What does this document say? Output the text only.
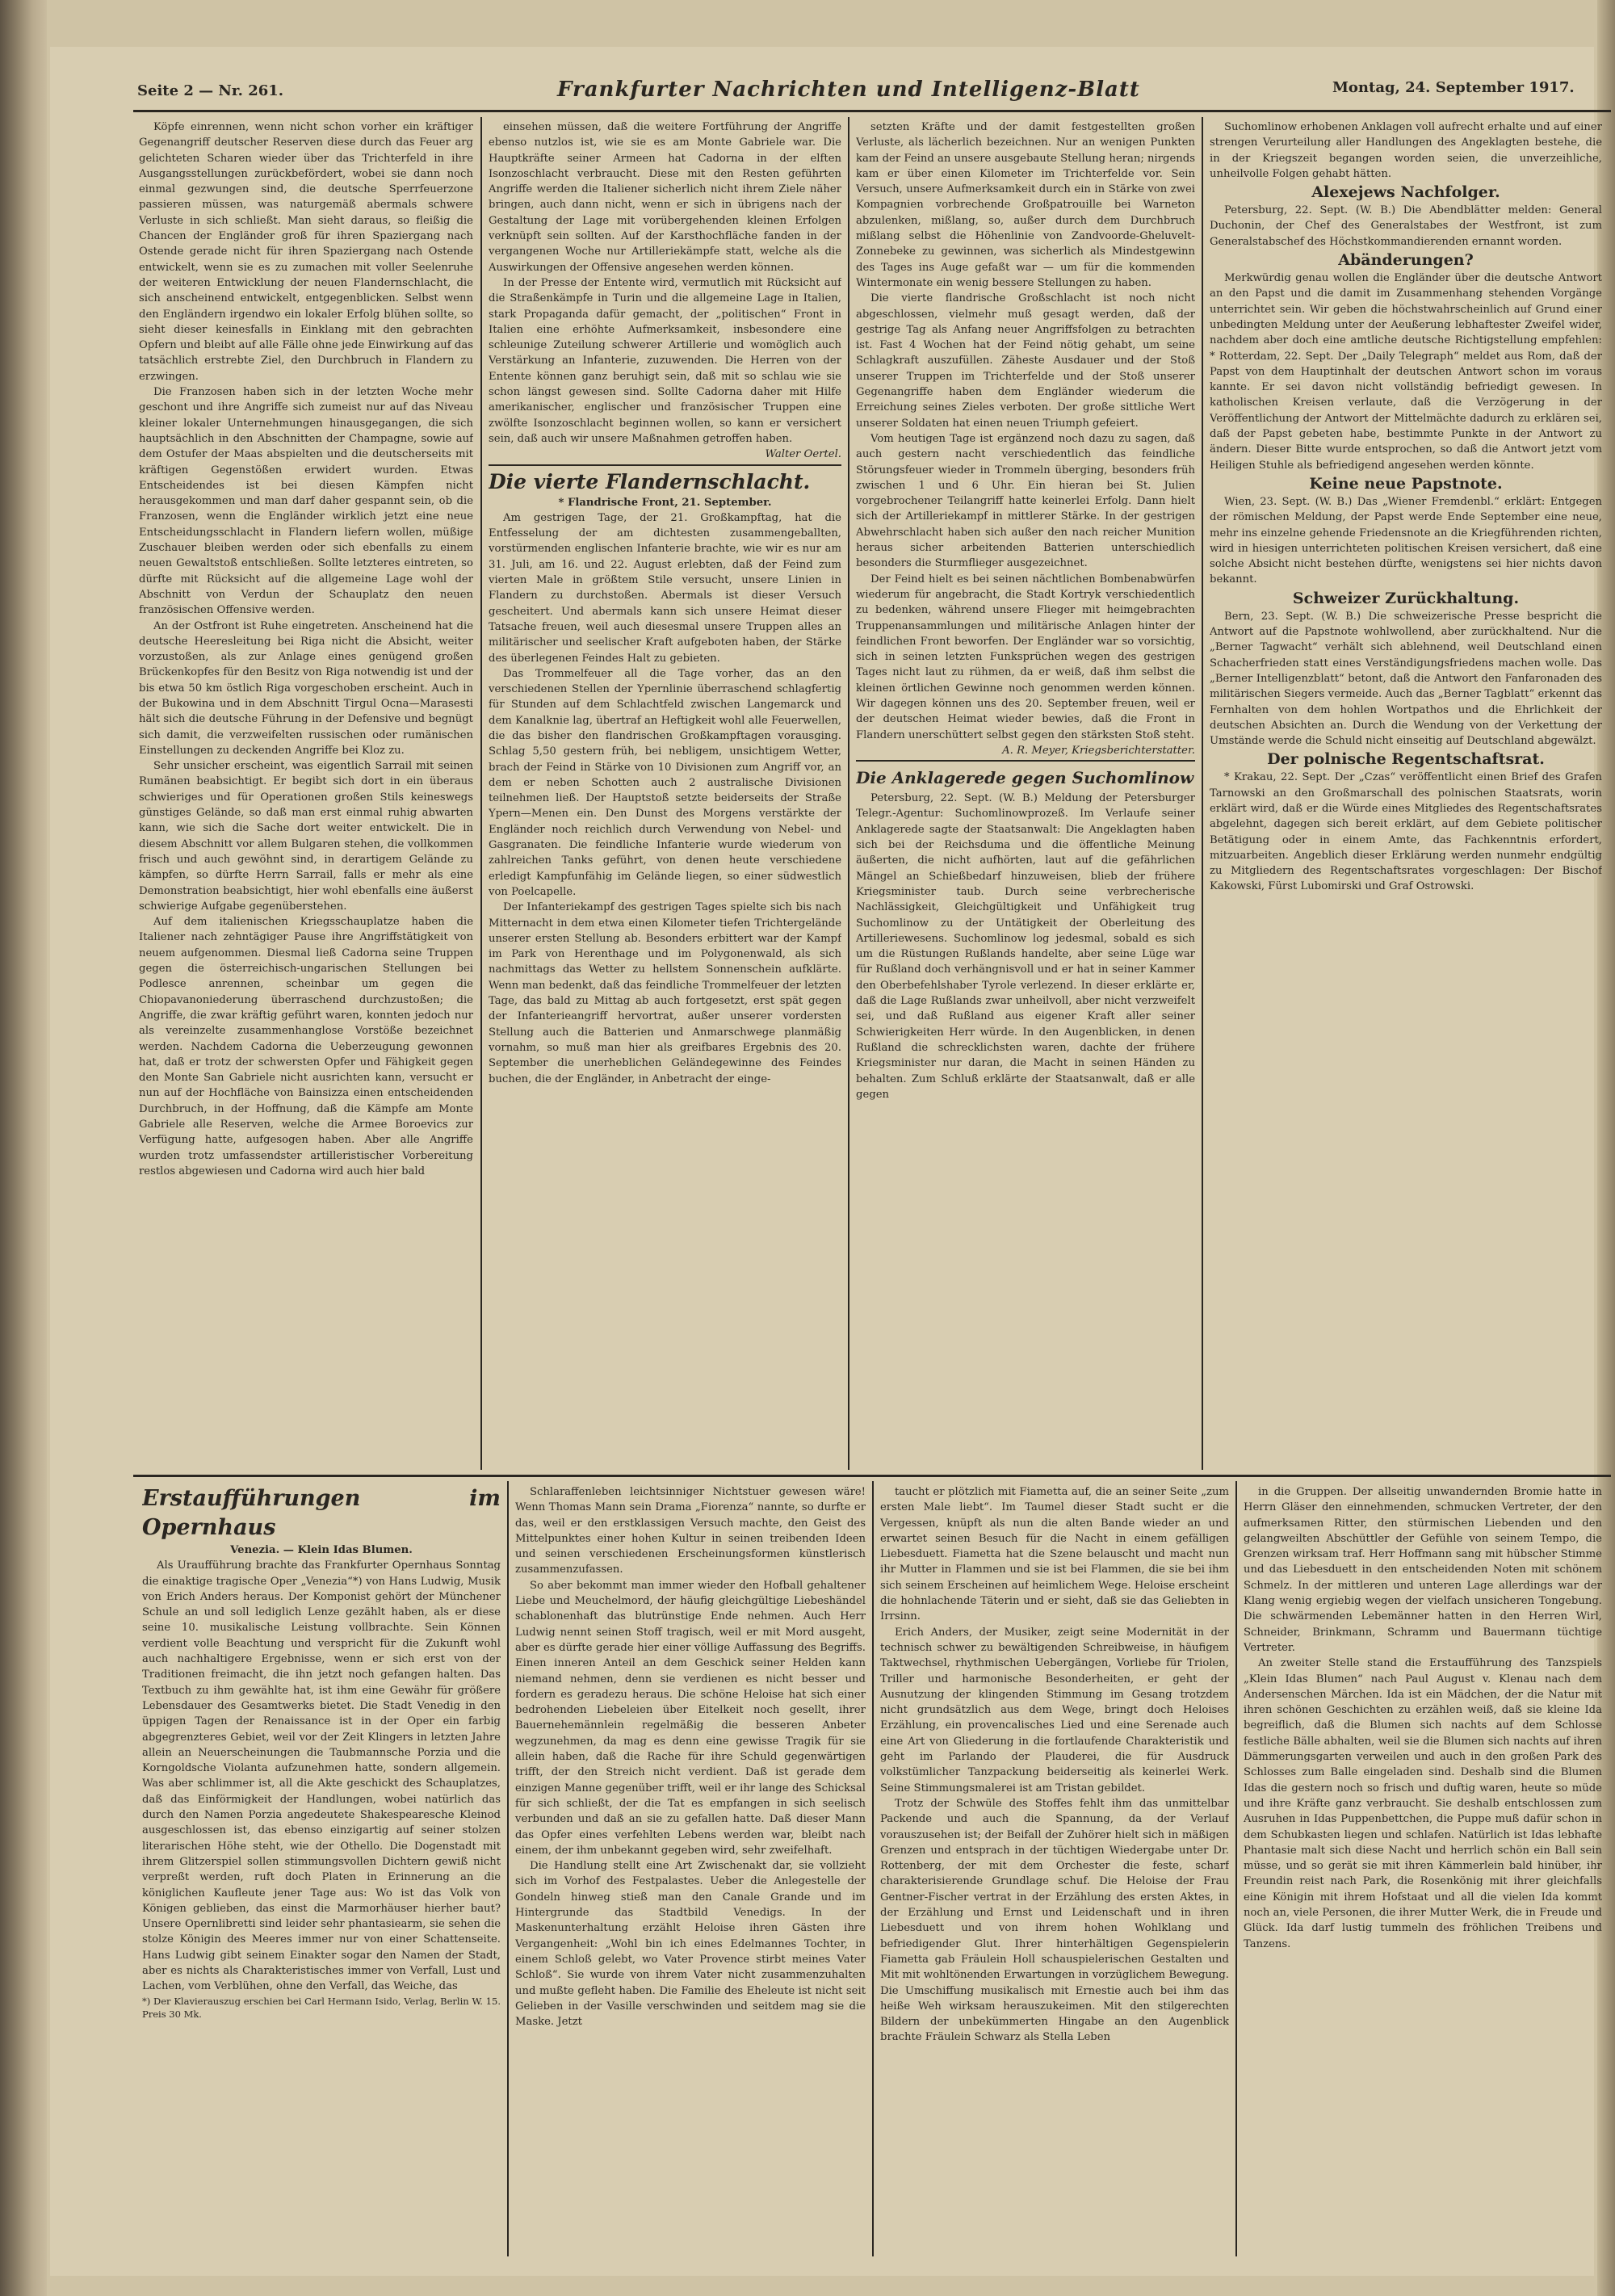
Seite 2 — Nr. 261.	Frankfurter Nachrichten und Intelligenz-Blatt	Montag, 24. September 1917.

Köpfe einrennen, wenn nicht schon vorher ein kräftiger Gegenangriff deutscher Reserven diese durch das Feuer arg gelichteten Scharen wieder über das Trichterfeld in ihre Ausgangsstellungen zurückbefördert, wobei sie dann noch einmal gezwungen sind, die deutsche Sperrfeuerzone passieren müssen, was naturgemäß abermals schwere Verluste in sich schließt. Man sieht daraus, so fleißig die Chancen der Engländer groß für ihren Spaziergang nach Ostende gerade nicht für ihren Spaziergang nach Ostende entwickelt, wenn sie es zu zumachen mit voller Seelenruhe der weiteren Entwicklung der neuen Flandernschlacht, die sich anscheinend entwickelt, entgegenblicken. Selbst wenn den Engländern irgendwo ein lokaler Erfolg blühen sollte, so sieht dieser keinesfalls in Einklang mit den gebrachten Opfern und bleibt auf alle Fälle ohne jede Einwirkung auf das tatsächlich erstrebte Ziel, den Durchbruch in Flandern zu erzwingen.

Die Franzosen haben sich in der letzten Woche mehr geschont und ihre Angriffe sich zumeist nur auf das Niveau kleiner lokaler Unternehmungen hinausgegangen, die sich hauptsächlich in den Abschnitten der Champagne, sowie auf dem Ostufer der Maas abspielten und die deutscherseits mit kräftigen Gegenstößen erwidert wurden. Etwas Entscheidendes ist bei diesen Kämpfen nicht herausgekommen und man darf daher gespannt sein, ob die Franzosen, wenn die Engländer wirklich jetzt eine neue Entscheidungsschlacht in Flandern liefern wollen, müßige Zuschauer bleiben werden oder sich ebenfalls zu einem neuen Gewaltstoß entschließen. Sollte letzteres eintreten, so dürfte mit Rücksicht auf die allgemeine Lage wohl der Abschnitt von Verdun der Schauplatz den neuen französischen Offensive werden.

An der Ostfront ist Ruhe eingetreten. Anscheinend hat die deutsche Heeresleitung bei Riga nicht die Absicht, weiter vorzustoßen, als zur Anlage eines genügend großen Brückenkopfes für den Besitz von Riga notwendig ist und der bis etwa 50 km östlich Riga vorgeschoben erscheint. Auch in der Bukowina und in dem Abschnitt Tirgul Ocna—Marasesti hält sich die deutsche Führung in der Defensive und begnügt sich damit, die verzweifelten russischen oder rumänischen Einstellungen zu deckenden Angriffe bei Kloz zu.

Sehr unsicher erscheint, was eigentlich Sarrail mit seinen Rumänen beabsichtigt. Er begibt sich dort in ein überaus schwieriges und für Operationen großen Stils keineswegs günstiges Gelände, so daß man erst einmal ruhig abwarten kann, wie sich die Sache dort weiter entwickelt. Die in diesem Abschnitt vor allem Bulgaren stehen, die vollkommen frisch und auch gewöhnt sind, in derartigem Gelände zu kämpfen, so dürfte Herrn Sarrail, falls er mehr als eine Demonstration beabsichtigt, hier wohl ebenfalls eine äußerst schwierige Aufgabe gegenüberstehen.

Auf dem italienischen Kriegsschauplatze haben die Italiener nach zehntägiger Pause ihre Angriffstätigkeit von neuem aufgenommen. Diesmal ließ Cadorna seine Truppen gegen die österreichisch-ungarischen Stellungen bei Podlesce anrennen, scheinbar um gegen die Chiopavanoniederung überraschend durchzustoßen; die Angriffe, die zwar kräftig geführt waren, konnten jedoch nur als vereinzelte zusammenhanglose Vorstöße bezeichnet werden. Nachdem Cadorna die Ueberzeugung gewonnen hat, daß er trotz der schwersten Opfer und Fähigkeit gegen den Monte San Gabriele nicht ausrichten kann, versucht er nun auf der Hochfläche von Bainsizza einen entscheidenden Durchbruch, in der Hoffnung, daß die Kämpfe am Monte Gabriele alle Reserven, welche die Armee Boroevics zur Verfügung hatte, aufgesogen haben. Aber alle Angriffe wurden trotz umfassendster artilleristischer Vorbereitung restlos abgewiesen und Cadorna wird auch hier bald

einsehen müssen, daß die weitere Fortführung der Angriffe ebenso nutzlos ist, wie sie es am Monte Gabriele war. Die Hauptkräfte seiner Armeen hat Cadorna in der elften Isonzoschlacht verbraucht. Diese mit den Resten geführten Angriffe werden die Italiener sicherlich nicht ihrem Ziele näher bringen, auch dann nicht, wenn er sich in übrigens nach der Gestaltung der Lage mit vorübergehenden kleinen Erfolgen verknüpft sein sollten. Auf der Karsthochfläche fanden in der vergangenen Woche nur Artilleriekämpfe statt, welche als die Auswirkungen der Offensive angesehen werden können.

In der Presse der Entente wird, vermutlich mit Rücksicht auf die Straßenkämpfe in Turin und die allgemeine Lage in Italien, stark Propaganda dafür gemacht, der „politischen“ Front in Italien eine erhöhte Aufmerksamkeit, insbesondere eine schleunige Zuteilung schwerer Artillerie und womöglich auch Verstärkung an Infanterie, zuzuwenden. Die Herren von der Entente können ganz beruhigt sein, daß mit so schlau wie sie schon längst gewesen sind. Sollte Cadorna daher mit Hilfe amerikanischer, englischer und französischer Truppen eine zwölfte Isonzoschlacht beginnen wollen, so kann er versichert sein, daß auch wir unsere Maßnahmen getroffen haben.

Walter Oertel.

Die vierte Flandernschlacht.

* Flandrische Front, 21. September.

Am gestrigen Tage, der 21. Großkampftag, hat die Entfesselung der am dichtesten zusammengeballten, vorstürmenden englischen Infanterie brachte, wie wir es nur am 31. Juli, am 16. und 22. August erlebten, daß der Feind zum vierten Male in größtem Stile versucht, unsere Linien in Flandern zu durchstoßen. Abermals ist dieser Versuch gescheitert. Und abermals kann sich unsere Heimat dieser Tatsache freuen, weil auch diesesmal unsere Truppen alles an militärischer und seelischer Kraft aufgeboten haben, der Stärke des überlegenen Feindes Halt zu gebieten.

Das Trommelfeuer all die Tage vorher, das an den verschiedenen Stellen der Ypernlinie überraschend schlagfertig für Stunden auf dem Schlachtfeld zwischen Langemarck und dem Kanalknie lag, übertraf an Heftigkeit wohl alle Feuerwellen, die das bisher den flandrischen Großkampftagen vorausging. Schlag 5,50 gestern früh, bei nebligem, unsichtigem Wetter, brach der Feind in Stärke von 10 Divisionen zum Angriff vor, an dem er neben Schotten auch 2 australische Divisionen teilnehmen ließ. Der Hauptstoß setzte beiderseits der Straße Ypern—Menen ein. Den Dunst des Morgens verstärkte der Engländer noch reichlich durch Verwendung von Nebel- und Gasgranaten. Die feindliche Infanterie wurde wiederum von zahlreichen Tanks geführt, von denen heute verschiedene erledigt Kampfunfähig im Gelände liegen, so einer südwestlich von Poelcapelle.

Der Infanteriekampf des gestrigen Tages spielte sich bis nach Mitternacht in dem etwa einen Kilometer tiefen Trichtergelände unserer ersten Stellung ab. Besonders erbittert war der Kampf im Park von Herenthage und im Polygonenwald, als sich nachmittags das Wetter zu hellstem Sonnenschein aufklärte. Wenn man bedenkt, daß das feindliche Trommelfeuer der letzten Tage, das bald zu Mittag ab auch fortgesetzt, erst spät gegen der Infanterieangriff hervortrat, außer unserer vordersten Stellung auch die Batterien und Anmarschwege planmäßig vornahm, so muß man hier als greifbares Ergebnis des 20. September die unerheblichen Geländegewinne des Feindes buchen, die der Engländer, in Anbetracht der einge-

setzten Kräfte und der damit festgestellten großen Verluste, als lächerlich bezeichnen. Nur an wenigen Punkten kam der Feind an unsere ausgebaute Stellung heran; nirgends kam er über einen Kilometer im Trichterfelde vor. Sein Versuch, unsere Aufmerksamkeit durch ein in Stärke von zwei Kompagnien vorbrechende Großpatrouille bei Warneton abzulenken, mißlang, so, außer durch dem Durchbruch mißlang selbst die Höhenlinie von Zandvoorde-Gheluvelt-Zonnebeke zu gewinnen, was sicherlich als Mindestgewinn des Tages ins Auge gefaßt war — um für die kommenden Wintermonate ein wenig bessere Stellungen zu haben.

Die vierte flandrische Großschlacht ist noch nicht abgeschlossen, vielmehr muß gesagt werden, daß der gestrige Tag als Anfang neuer Angriffsfolgen zu betrachten ist. Fast 4 Wochen hat der Feind nötig gehabt, um seine Schlagkraft auszufüllen. Zäheste Ausdauer und der Stoß unserer Truppen im Trichterfelde und der Stoß unserer Gegenangriffe haben dem Engländer wiederum die Erreichung seines Zieles verboten. Der große sittliche Wert unserer Soldaten hat einen neuen Triumph gefeiert.

Vom heutigen Tage ist ergänzend noch dazu zu sagen, daß auch gestern nacht verschiedentlich das feindliche Störungsfeuer wieder in Trommeln überging, besonders früh zwischen 1 und 6 Uhr. Ein hieran bei St. Julien vorgebrochener Teilangriff hatte keinerlei Erfolg. Dann hielt sich der Artilleriekampf in mittlerer Stärke. In der gestrigen Abwehrschlacht haben sich außer den nach reicher Munition heraus sicher arbeitenden Batterien unterschiedlich besonders die Sturmflieger ausgezeichnet.

Der Feind hielt es bei seinen nächtlichen Bombenabwürfen wiederum für angebracht, die Stadt Kortryk verschiedentlich zu bedenken, während unsere Flieger mit heimgebrachten Truppenansammlungen und militärische Anlagen hinter der feindlichen Front beworfen. Der Engländer war so vorsichtig, sich in seinen letzten Funksprüchen wegen des gestrigen Tages nicht laut zu rühmen, da er weiß, daß ihm selbst die kleinen örtlichen Gewinne noch genommen werden können. Wir dagegen können uns des 20. September freuen, weil er der deutschen Heimat wieder bewies, daß die Front in Flandern unerschüttert selbst gegen den stärksten Stoß steht.

A. R. Meyer, Kriegsberichterstatter.

Die Anklagerede gegen Suchomlinow

Petersburg, 22. Sept. (W. B.) Meldung der Petersburger Telegr.-Agentur: Suchomlinowprozeß. Im Verlaufe seiner Anklagerede sagte der Staatsanwalt: Die Angeklagten haben sich bei der Reichsduma und die öffentliche Meinung äußerten, die nicht aufhörten, laut auf die gefährlichen Mängel an Schießbedarf hinzuweisen, blieb der frühere Kriegsminister taub. Durch seine verbrecherische Nachlässigkeit, Gleichgültigkeit und Unfähigkeit trug Suchomlinow zu der Untätigkeit der Oberleitung des Artilleriewesens. Suchomlinow log jedesmal, sobald es sich um die Rüstungen Rußlands handelte, aber seine Lüge war für Rußland doch verhängnisvoll und er hat in seiner Kammer den Oberbefehlshaber Tyrole verlezend. In dieser erklärte er, daß die Lage Rußlands zwar unheilvoll, aber nicht verzweifelt sei, und daß Rußland aus eigener Kraft aller seiner Schwierigkeiten Herr würde. In den Augenblicken, in denen Rußland die schrecklichsten waren, dachte der frühere Kriegsminister nur daran, die Macht in seinen Händen zu behalten. Zum Schluß erklärte der Staatsanwalt, daß er alle gegen

Suchomlinow erhobenen Anklagen voll aufrecht erhalte und auf einer strengen Verurteilung aller Handlungen des Angeklagten bestehe, die in der Kriegszeit begangen worden seien, die unverzeihliche, unheilvolle Folgen gehabt hätten.

Alexejews Nachfolger.

Petersburg, 22. Sept. (W. B.) Die Abendblätter melden: General Duchonin, der Chef des Generalstabes der Westfront, ist zum Generalstabschef des Höchstkommandierenden ernannt worden.

Abänderungen?

Merkwürdig genau wollen die Engländer über die deutsche Antwort an den Papst und die damit im Zusammenhang stehenden Vorgänge unterrichtet sein. Wir geben die höchstwahrscheinlich auf Grund einer unbedingten Meldung unter der Aeußerung lebhaftester Zweifel wider, nachdem aber doch eine amtliche deutsche Richtigstellung empfehlen: * Rotterdam, 22. Sept. Der „Daily Telegraph“ meldet aus Rom, daß der Papst von dem Hauptinhalt der deutschen Antwort schon im voraus kannte. Er sei davon nicht vollständig befriedigt gewesen. In katholischen Kreisen verlaute, daß die Verzögerung in der Veröffentlichung der Antwort der Mittelmächte dadurch zu erklären sei, daß der Papst gebeten habe, bestimmte Punkte in der Antwort zu ändern. Dieser Bitte wurde entsprochen, so daß die Antwort jetzt vom Heiligen Stuhle als befriedigend angesehen werden könnte.

Keine neue Papstnote.

Wien, 23. Sept. (W. B.) Das „Wiener Fremdenbl.“ erklärt: Entgegen der römischen Meldung, der Papst werde Ende September eine neue, mehr ins einzelne gehende Friedensnote an die Kriegführenden richten, wird in hiesigen unterrichteten politischen Kreisen versichert, daß eine solche Absicht nicht bestehen dürfte, wenigstens sei hier nichts davon bekannt.

Schweizer Zurückhaltung.

Bern, 23. Sept. (W. B.) Die schweizerische Presse bespricht die Antwort auf die Papstnote wohlwollend, aber zurückhaltend. Nur die „Berner Tagwacht“ verhält sich ablehnend, weil Deutschland einen Schacherfrieden statt eines Verständigungsfriedens machen wolle. Das „Berner Intelligenzblatt“ betont, daß die Antwort den Fanfaronaden des militärischen Siegers vermeide. Auch das „Berner Tagblatt“ erkennt das Fernhalten von dem hohlen Wortpathos und die Ehrlichkeit der deutschen Absichten an. Durch die Wendung von der Verkettung der Umstände werde die Schuld nicht einseitig auf Deutschland abgewälzt.

Der polnische Regentschaftsrat.

* Krakau, 22. Sept. Der „Czas“ veröffentlicht einen Brief des Grafen Tarnowski an den Großmarschall des polnischen Staatsrats, worin erklärt wird, daß er die Würde eines Mitgliedes des Regentschaftsrates abgelehnt, dagegen sich bereit erklärt, auf dem Gebiete politischer Betätigung oder in einem Amte, das Fachkenntnis erfordert, mitzuarbeiten. Angeblich dieser Erklärung werden nunmehr endgültig zu Mitgliedern des Regentschaftsrates vorgeschlagen: Der Bischof Kakowski, Fürst Lubomirski und Graf Ostrowski.

Erstaufführungen im Opernhaus

Venezia. — Klein Idas Blumen.

Als Uraufführung brachte das Frankfurter Opernhaus Sonntag die einaktige tragische Oper „Venezia“*) von Hans Ludwig, Musik von Erich Anders heraus. Der Komponist gehört der Münchener Schule an und soll lediglich Lenze gezählt haben, als er diese seine 10. musikalische Leistung vollbrachte. Sein Können verdient volle Beachtung und verspricht für die Zukunft wohl auch nachhaltigere Ergebnisse, wenn er sich erst von der Traditionen freimacht, die ihn jetzt noch gefangen halten. Das Textbuch zu ihm gewählte hat, ist ihm eine Gewähr für größere Lebensdauer des Gesamtwerks bietet. Die Stadt Venedig in den üppigen Tagen der Renaissance ist in der Oper ein farbig abgegrenzteres Gebiet, weil vor der Zeit Klingers in letzten Jahre allein an Neuerscheinungen die Taubmannsche Porzia und die Korngoldsche Violanta aufzunehmen hatte, sondern allgemein. Was aber schlimmer ist, all die Akte geschickt des Schauplatzes, daß das Einförmigkeit der Handlungen, wobei natürlich das durch den Namen Porzia angedeutete Shakespearesche Kleinod ausgeschlossen ist, das ebenso einzigartig auf seiner stolzen literarischen Höhe steht, wie der Othello. Die Dogenstadt mit ihrem Glitzerspiel sollen stimmungsvollen Dichtern gewiß nicht verpreßt werden, ruft doch Platen in Erinnerung an die königlichen Kaufleute jener Tage aus: Wo ist das Volk von Königen geblieben, das einst die Marmorhäuser hierher baut? Unsere Opernlibretti sind leider sehr phantasiearm, sie sehen die stolze Königin des Meeres immer nur von einer Schattenseite. Hans Ludwig gibt seinem Einakter sogar den Namen der Stadt, aber es nichts als Charakteristisches immer von Verfall, Lust und Lachen, vom Verblühen, ohne den Verfall, das Weiche, das

*) Der Klavierauszug erschien bei Carl Hermann Isido, Verlag, Berlin W. 15. Preis 30 Mk.

Schlaraffenleben leichtsinniger Nichtstuer gewesen wäre! Wenn Thomas Mann sein Drama „Fiorenza“ nannte, so durfte er das, weil er den erstklassigen Versuch machte, den Geist des Mittelpunktes einer hohen Kultur in seinen treibenden Ideen und seinen verschiedenen Erscheinungsformen künstlerisch zusammenzufassen.

So aber bekommt man immer wieder den Hofball gehaltener Liebe und Meuchelmord, der häufig gleichgültige Liebeshändel schablonenhaft das blutrünstige Ende nehmen. Auch Herr Ludwig nennt seinen Stoff tragisch, weil er mit Mord ausgeht, aber es dürfte gerade hier einer völlige Auffassung des Begriffs. Einen inneren Anteil an dem Geschick seiner Helden kann niemand nehmen, denn sie verdienen es nicht besser und fordern es geradezu heraus. Die schöne Heloise hat sich einer bedrohenden Liebeleien über Eitelkeit noch gesellt, ihrer Bauernehemännlein regelmäßig die besseren Anbeter wegzunehmen, da mag es denn eine gewisse Tragik für sie allein haben, daß die Rache für ihre Schuld gegenwärtigen trifft, der den Streich nicht verdient. Daß ist gerade dem einzigen Manne gegenüber trifft, weil er ihr lange des Schicksal für sich schließt, der die Tat es empfangen in sich seelisch verbunden und daß an sie zu gefallen hatte. Daß dieser Mann das Opfer eines verfehlten Lebens werden war, bleibt nach einem, der ihm unbekannt gegeben wird, sehr zweifelhaft.

Die Handlung stellt eine Art Zwischenakt dar, sie vollzieht sich im Vorhof des Festpalastes. Ueber die Anlegestelle der Gondeln hinweg stieß man den Canale Grande und im Hintergrunde das Stadtbild Venedigs. In der Maskenunterhaltung erzählt Heloise ihren Gästen ihre Vergangenheit: „Wohl bin ich eines Edelmannes Tochter, in einem Schloß gelebt, wo Vater Provence stirbt meines Vater Schloß“. Sie wurde von ihrem Vater nicht zusammenzuhalten und mußte gefleht haben. Die Familie des Eheleute ist nicht seit Gelieben in der Vasille verschwinden und seitdem mag sie die Maske. Jetzt

taucht er plötzlich mit Fiametta auf, die an seiner Seite „zum ersten Male liebt“. Im Taumel dieser Stadt sucht er die Vergessen, knüpft als nun die alten Bande wieder an und erwartet seinen Besuch für die Nacht in einem gefälligen Liebesduett. Fiametta hat die Szene belauscht und macht nun ihr Mutter in Flammen und sie ist bei Flammen, die sie bei ihm sich seinem Erscheinen auf heimlichem Wege. Heloise erscheint die hohnlachende Täterin und er sieht, daß sie das Geliebten in Irrsinn.

Erich Anders, der Musiker, zeigt seine Modernität in der technisch schwer zu bewältigenden Schreibweise, in häufigem Taktwechsel, rhythmischen Uebergängen, Vorliebe für Triolen, Triller und harmonische Besonderheiten, er geht der Ausnutzung der klingenden Stimmung im Gesang trotzdem nicht grundsätzlich aus dem Wege, bringt doch Heloises Erzählung, ein provencalisches Lied und eine Serenade auch eine Art von Gliederung in die fortlaufende Charakteristik und geht im Parlando der Plauderei, die für Ausdruck volkstümlicher Tanzpackung beiderseitig als keinerlei Werk. Seine Stimmungsmalerei ist am Tristan gebildet.

Trotz der Schwüle des Stoffes fehlt ihm das unmittelbar Packende und auch die Spannung, da der Verlauf vorauszusehen ist; der Beifall der Zuhörer hielt sich in mäßigen Grenzen und entsprach in der tüchtigen Wiedergabe unter Dr. Rottenberg, der mit dem Orchester die feste, scharf charakterisierende Grundlage schuf. Die Heloise der Frau Gentner-Fischer vertrat in der Erzählung des ersten Aktes, in der Erzählung und Ernst und Leidenschaft und in ihren Liebesduett und von ihrem hohen Wohlklang und befriedigender Glut. Ihrer hinterhältigen Gegenspielerin Fiametta gab Fräulein Holl schauspielerischen Gestalten und Mit mit wohltönenden Erwartungen in vorzüglichem Bewegung. Die Umschiffung musikalisch mit Ernestie auch bei ihm das heiße Weh wirksam herauszukeimen. Mit den stilgerechten Bildern der unbekümmerten Hingabe an den Augenblick brachte Fräulein Schwarz als Stella Leben

in die Gruppen. Der allseitig unwandernden Bromie hatte in Herrn Gläser den einnehmenden, schmucken Vertreter, der den aufmerksamen Ritter, den stürmischen Liebenden und den gelangweilten Abschüttler der Gefühle von seinem Tempo, die Grenzen wirksam traf. Herr Hoffmann sang mit hübscher Stimme und das Liebesduett in den entscheidenden Noten mit schönem Schmelz. In der mittleren und unteren Lage allerdings war der Klang wenig ergiebig wegen der vielfach unsicheren Tongebung. Die schwärmenden Lebemänner hatten in den Herren Wirl, Schneider, Brinkmann, Schramm und Bauermann tüchtige Vertreter.

An zweiter Stelle stand die Erstaufführung des Tanzspiels „Klein Idas Blumen“ nach Paul August v. Klenau nach dem Andersenschen Märchen. Ida ist ein Mädchen, der die Natur mit ihren schönen Geschichten zu erzählen weiß, daß sie kleine Ida begreiflich, daß die Blumen sich nachts auf dem Schlosse festliche Bälle abhalten, weil sie die Blumen sich nachts auf ihren Dämmerungsgarten verweilen und auch in den großen Park des Schlosses zum Balle eingeladen sind. Deshalb sind die Blumen Idas die gestern noch so frisch und duftig waren, heute so müde und ihre Kräfte ganz verbraucht. Sie deshalb entschlossen zum Ausruhen in Idas Puppenbettchen, die Puppe muß dafür schon in dem Schubkasten liegen und schlafen. Natürlich ist Idas lebhafte Phantasie malt sich diese Nacht und herrlich schön ein Ball sein müsse, und so gerät sie mit ihren Kämmerlein bald hinüber, ihr Freundin reist nach Park, die Rosenkönig mit ihrer gleichfalls eine Königin mit ihrem Hofstaat und all die vielen Ida kommt noch an, viele Personen, die ihrer Mutter Werk, die in Freude und Glück. Ida darf lustig tummeln des fröhlichen Treibens und Tanzens.
